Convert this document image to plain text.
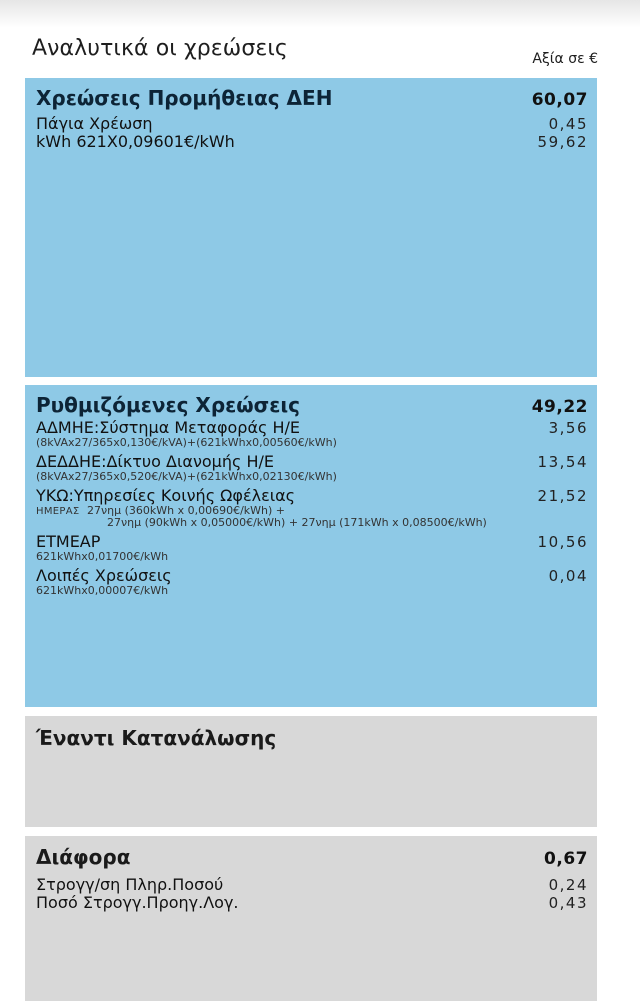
Αναλυτικά οι χρεώσεις	Αξία σε €
Χρεώσεις Προμήθειας ΔΕΗ	60,07
Πάγια Χρέωση	0,45
kWh 621X0,09601€/kWh	59,62
Ρυθμιζόμενες Χρεώσεις	49,22
ΑΔΜΗΕ:Σύστημα Μεταφοράς Η/Ε	3,56
(8kVAx27/365x0,130€/kVA)+(621kWhx0,00560€/kWh)
ΔΕΔΔΗΕ:Δίκτυο Διανομής Η/Ε	13,54
(8kVAx27/365x0,520€/kVA)+(621kWhx0,02130€/kWh)
ΥΚΩ:Υπηρεσίες Κοινής Ωφέλειας	21,52
ΗΜΕΡΑΣ 27νημ (360kWh x 0,00690€/kWh) +
27νημ (90kWh x 0,05000€/kWh) + 27νημ (171kWh x 0,08500€/kWh)
ΕΤΜΕΑΡ	10,56
621kWhx0,01700€/kWh
Λοιπές Χρεώσεις	0,04
621kWhx0,00007€/kWh
Έναντι Κατανάλωσης
Διάφορα	0,67
Στρογγ/ση Πληρ.Ποσού	0,24
Ποσό Στρογγ.Προηγ.Λογ.	0,43
